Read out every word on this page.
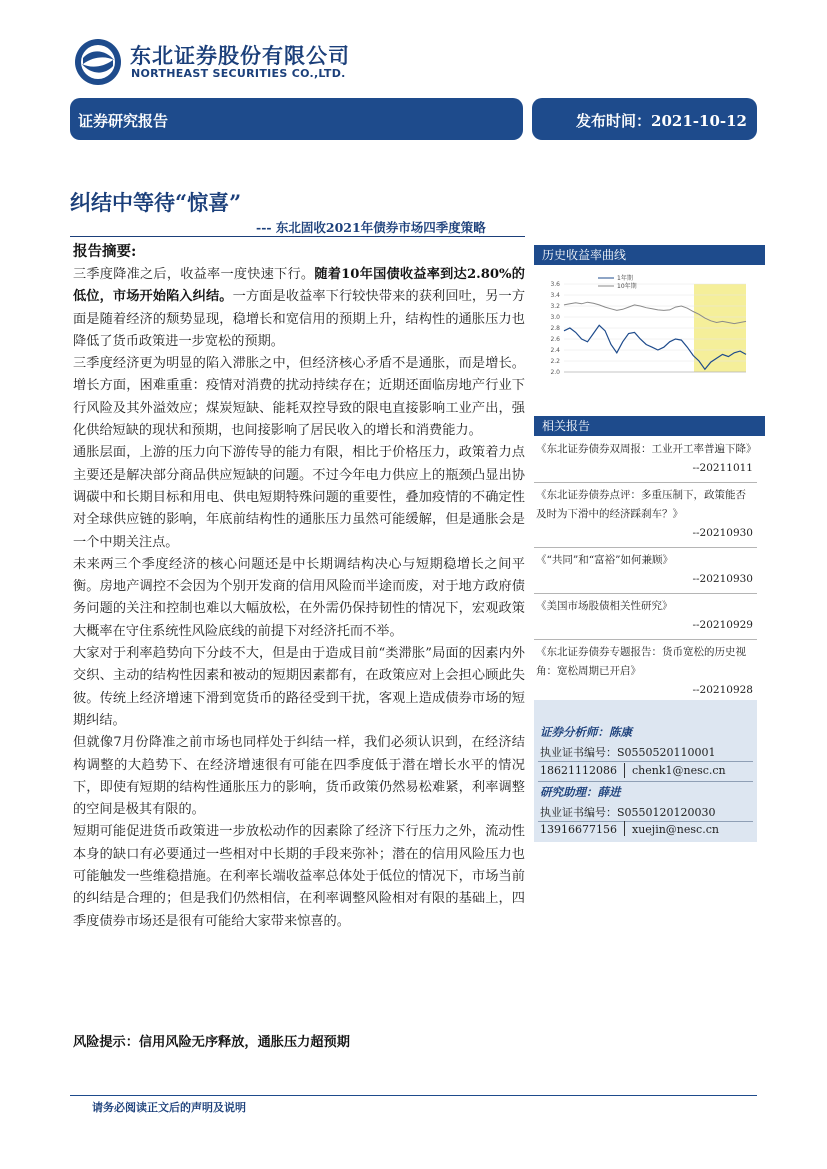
东北证券股份有限公司
NORTHEAST SECURITIES CO.,LTD.
证券研究报告	发布时间：2021-10-12
纠结中等待“惊喜”
--- 东北固收2021年债券市场四季度策略
报告摘要:

三季度降准之后，收益率一度快速下行。随着10年国债收益率到达2.80%的低位，市场开始陷入纠结。一方面是收益率下行较快带来的获利回吐，另一方面是随着经济的颓势显现，稳增长和宽信用的预期上升，结构性的通胀压力也降低了货币政策进一步宽松的预期。

三季度经济更为明显的陷入滞胀之中，但经济核心矛盾不是通胀，而是增长。增长方面，困难重重：疫情对消费的扰动持续存在；近期还面临房地产行业下行风险及其外溢效应；煤炭短缺、能耗双控导致的限电直接影响工业产出，强化供给短缺的现状和预期，也间接影响了居民收入的增长和消费能力。

通胀层面，上游的压力向下游传导的能力有限，相比于价格压力，政策着力点主要还是解决部分商品供应短缺的问题。不过今年电力供应上的瓶颈凸显出协调碳中和长期目标和用电、供电短期特殊问题的重要性，叠加疫情的不确定性对全球供应链的影响，年底前结构性的通胀压力虽然可能缓解，但是通胀会是一个中期关注点。

未来两三个季度经济的核心问题还是中长期调结构决心与短期稳增长之间平衡。房地产调控不会因为个别开发商的信用风险而半途而废，对于地方政府债务问题的关注和控制也难以大幅放松，在外需仍保持韧性的情况下，宏观政策大概率在守住系统性风险底线的前提下对经济托而不举。

大家对于利率趋势向下分歧不大，但是由于造成目前“类滞胀”局面的因素内外交织、主动的结构性因素和被动的短期因素都有，在政策应对上会担心顾此失彼。传统上经济增速下滑到宽货币的路径受到干扰，客观上造成债券市场的短期纠结。

但就像7月份降准之前市场也同样处于纠结一样，我们必须认识到，在经济结构调整的大趋势下、在经济增速很有可能在四季度低于潜在增长水平的情况下，即使有短期的结构性通胀压力的影响，货币政策仍然易松难紧，利率调整的空间是极其有限的。

短期可能促进货币政策进一步放松动作的因素除了经济下行压力之外，流动性本身的缺口有必要通过一些相对中长期的手段来弥补；潜在的信用风险压力也可能触发一些维稳措施。在利率长端收益率总体处于低位的情况下，市场当前的纠结是合理的；但是我们仍然相信，在利率调整风险相对有限的基础上，四季度债券市场还是很有可能给大家带来惊喜的。

风险提示：信用风险无序释放，通胀压力超预期
历史收益率曲线
3.6
3.4
3.2
3.0
2.8
2.6
2.4
2.2
2.0
1年期
10年期
相关报告
《东北证券债券双周报：工业开工率普遍下降》
--20211011
《东北证券债券点评：多重压制下，政策能否及时为下滑中的经济踩刹车？》
--20210930
《“共同”和“富裕”如何兼顾》
--20210930
《美国市场股债相关性研究》
--20210929
《东北证券债券专题报告：货币宽松的历史视角：宽松周期已开启》
--20210928
证券分析师：陈康
执业证书编号：S0550520110001
18621112086 chenk1@nesc.cn
研究助理：薛进
执业证书编号：S0550120120030
13916677156 xuejin@nesc.cn
请务必阅读正文后的声明及说明
